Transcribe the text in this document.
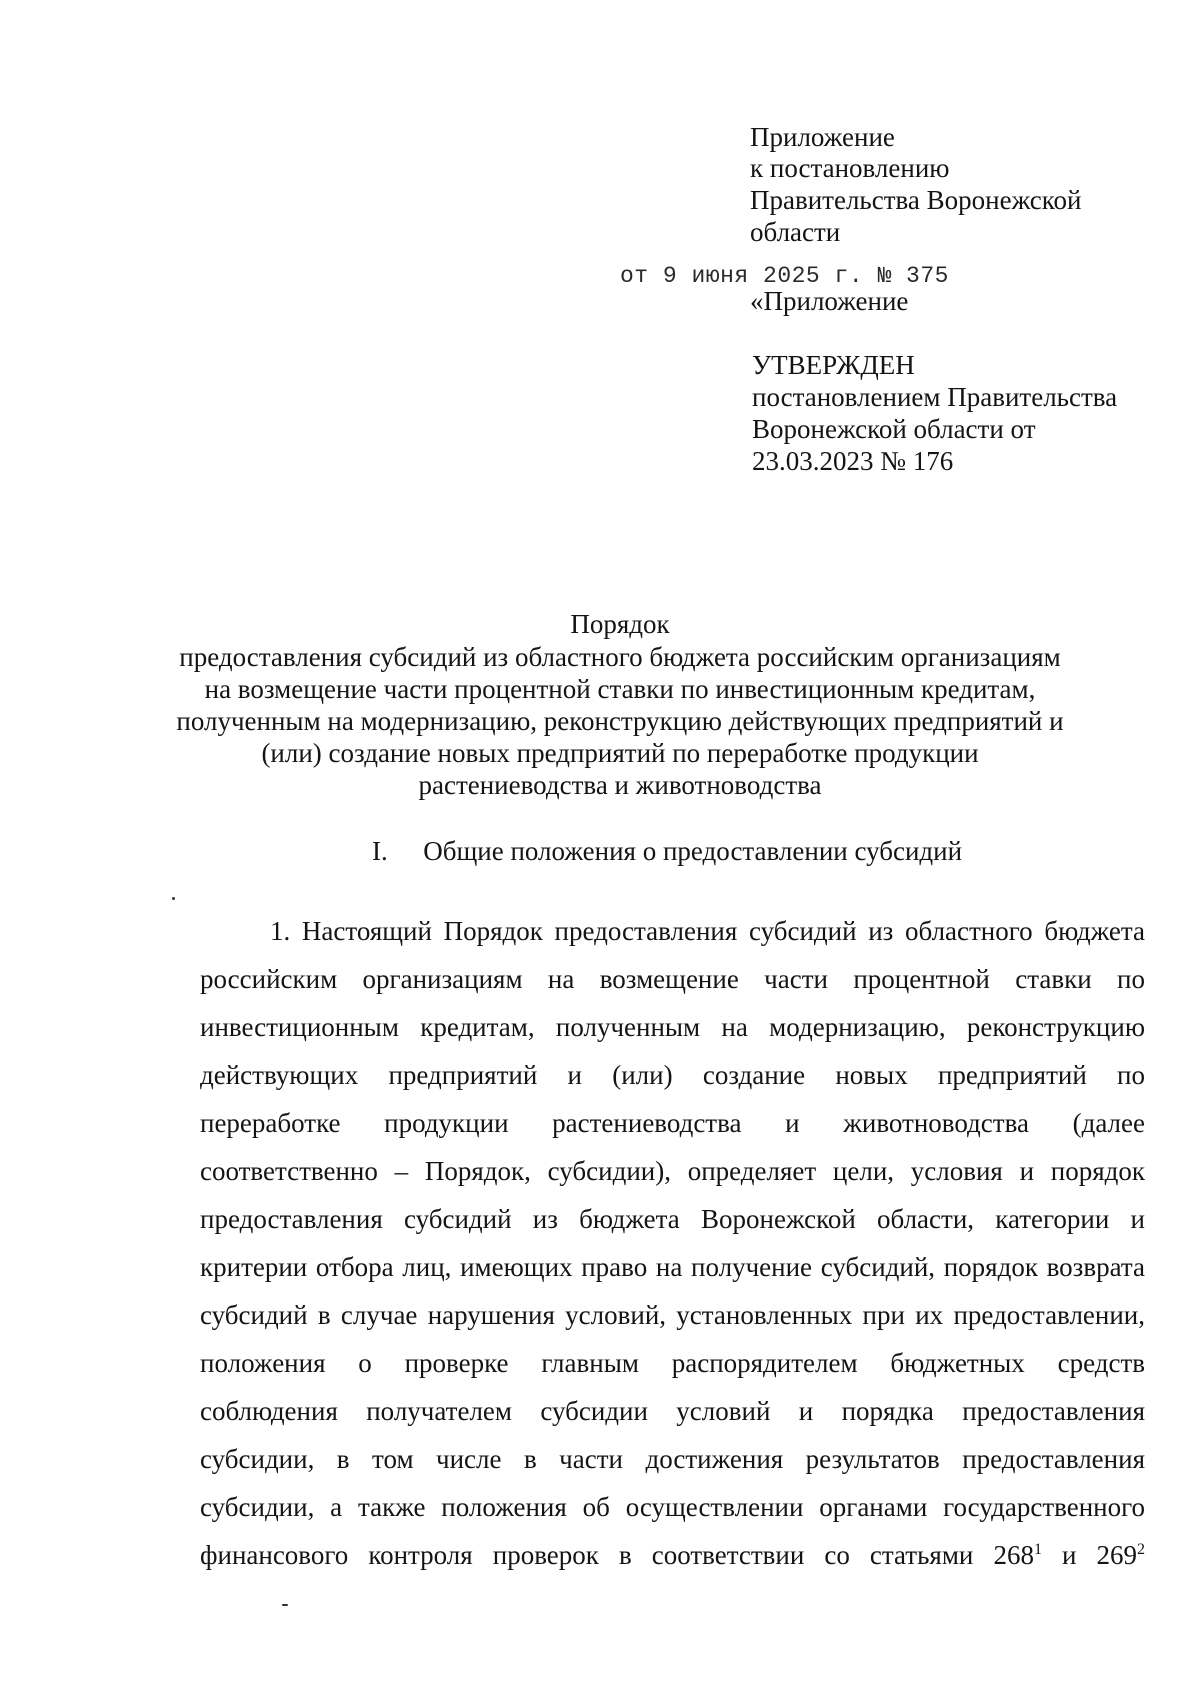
Приложение
к постановлению
Правительства Воронежской
области
от 9 июня 2025 г. № 375
«Приложение
УТВЕРЖДЕН
постановлением Правительства
Воронежской области от
23.03.2023 № 176
Порядок
предоставления субсидий из областного бюджета российским организациям
на возмещение части процентной ставки по инвестиционным кредитам,
полученным на модернизацию, реконструкцию действующих предприятий и
(или) создание новых предприятий по переработке продукции
растениеводства и животноводства
I. Общие положения о предоставлении субсидий
1. Настоящий Порядок предоставления субсидий из областного бюджета
российским организациям на возмещение части процентной ставки по
инвестиционным кредитам, полученным на модернизацию, реконструкцию
действующих предприятий и (или) создание новых предприятий по
переработке продукции растениеводства и животноводства (далее
соответственно – Порядок, субсидии), определяет цели, условия и порядок
предоставления субсидий из бюджета Воронежской области, категории и
критерии отбора лиц, имеющих право на получение субсидий, порядок возврата
субсидий в случае нарушения условий, установленных при их предоставлении,
положения о проверке главным распорядителем бюджетных средств
соблюдения получателем субсидии условий и порядка предоставления
субсидии, в том числе в части достижения результатов предоставления
субсидии, а также положения об осуществлении органами государственного
финансового контроля проверок в соответствии со статьями $268^1$ и $269^2$
